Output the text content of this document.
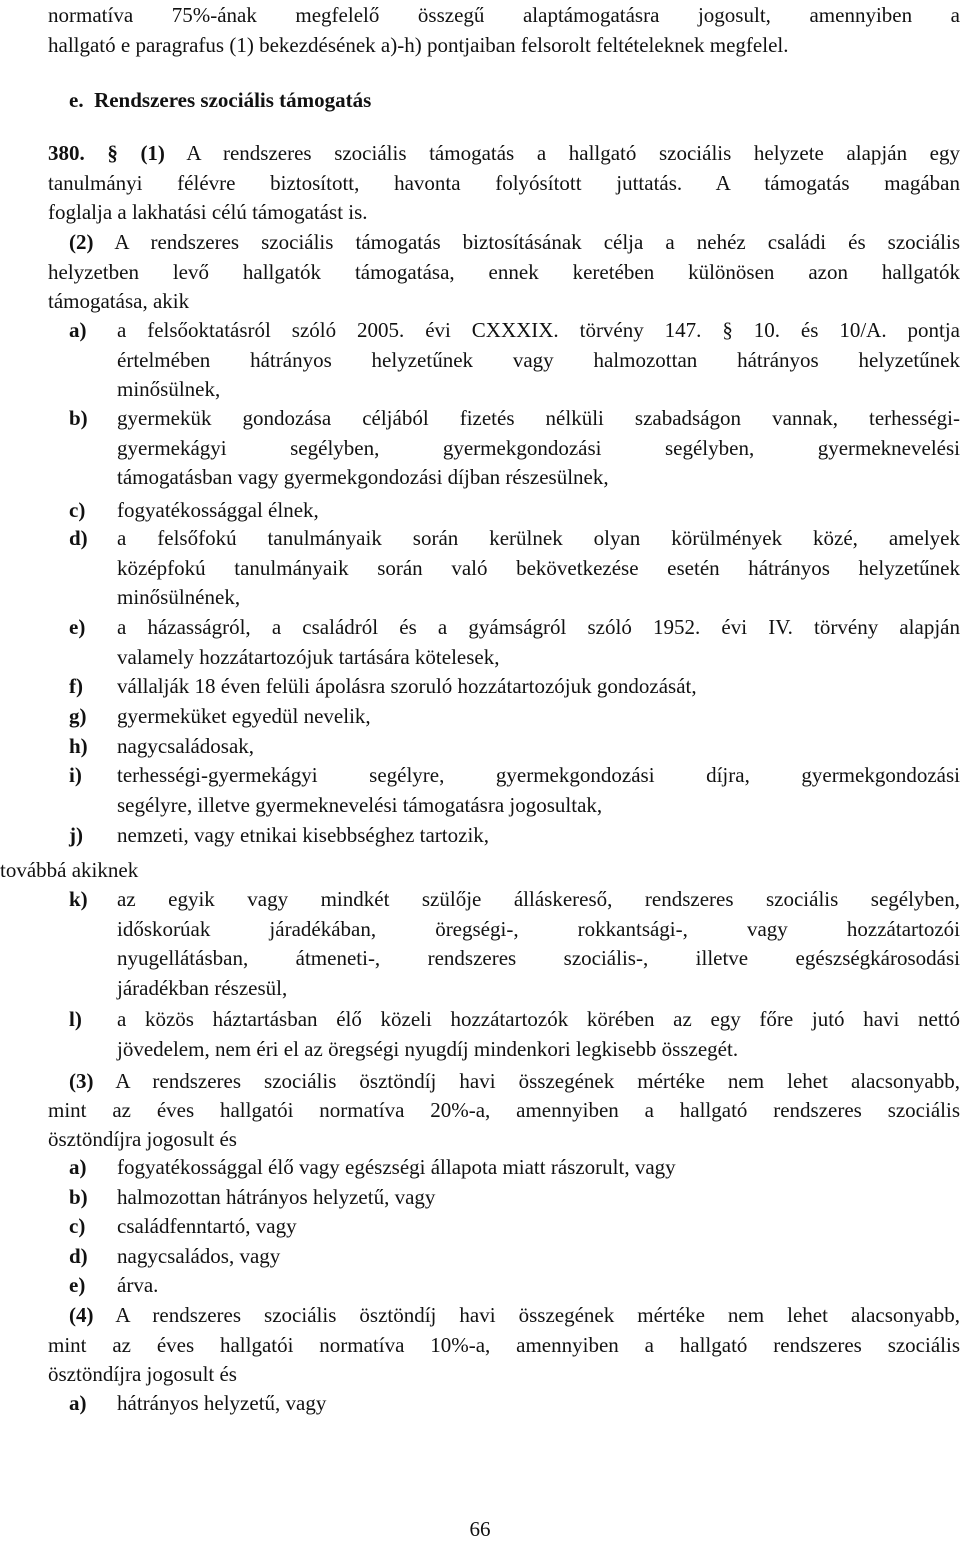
normatíva 75%-ának megfelelő összegű alaptámogatásra jogosult, amennyiben a
hallgató e paragrafus (1) bekezdésének a)-h) pontjaiban felsorolt feltételeknek megfelel.
e.  Rendszeres szociális támogatás
380. § (1) A rendszeres szociális támogatás a hallgató szociális helyzete alapján egy
tanulmányi félévre biztosított, havonta folyósított juttatás. A támogatás magában
foglalja a lakhatási célú támogatást is.
(2) A rendszeres szociális támogatás biztosításának célja a nehéz családi és szociális
helyzetben levő hallgatók támogatása, ennek keretében különösen azon hallgatók
támogatása, akik
a)	a felsőoktatásról szóló 2005. évi CXXXIX. törvény 147. § 10. és 10/A. pontja
értelmében hátrányos helyzetűnek vagy halmozottan hátrányos helyzetűnek
minősülnek,
b)	gyermekük gondozása céljából fizetés nélküli szabadságon vannak, terhességi-
gyermekágyi segélyben, gyermekgondozási segélyben, gyermeknevelési
támogatásban vagy gyermekgondozási díjban részesülnek,
c)	fogyatékossággal élnek,
d)	a felsőfokú tanulmányaik során kerülnek olyan körülmények közé, amelyek
középfokú tanulmányaik során való bekövetkezése esetén hátrányos helyzetűnek
minősülnének,
e)	a házasságról, a családról és a gyámságról szóló 1952. évi IV. törvény alapján
valamely hozzátartozójuk tartására kötelesek,
f)	vállalják 18 éven felüli ápolásra szoruló hozzátartozójuk gondozását,
g)	gyermeküket egyedül nevelik,
h)	nagycsaládosak,
i)	terhességi-gyermekágyi segélyre, gyermekgondozási díjra, gyermekgondozási
segélyre, illetve gyermeknevelési támogatásra jogosultak,
j)	nemzeti, vagy etnikai kisebbséghez tartozik,
k)	az egyik vagy mindkét szülője álláskereső, rendszeres szociális segélyben,
időskorúak járadékában, öregségi-, rokkantsági-, vagy hozzátartozói
nyugellátásban, átmeneti-, rendszeres szociális-, illetve egészségkárosodási
járadékban részesül,
l)	a közös háztartásban élő közeli hozzátartozók körében az egy főre jutó havi nettó
jövedelem, nem éri el az öregségi nyugdíj mindenkori legkisebb összegét.
továbbá akiknek
(3) A rendszeres szociális ösztöndíj havi összegének mértéke nem lehet alacsonyabb,
mint az éves hallgatói normatíva 20%-a, amennyiben a hallgató rendszeres szociális
ösztöndíjra jogosult és
a)	fogyatékossággal élő vagy egészségi állapota miatt rászorult, vagy
b)	halmozottan hátrányos helyzetű, vagy
c)	családfenntartó, vagy
d)	nagycsaládos, vagy
e)	árva.
(4) A rendszeres szociális ösztöndíj havi összegének mértéke nem lehet alacsonyabb,
mint az éves hallgatói normatíva 10%-a, amennyiben a hallgató rendszeres szociális
ösztöndíjra jogosult és
a)	hátrányos helyzetű, vagy
66
